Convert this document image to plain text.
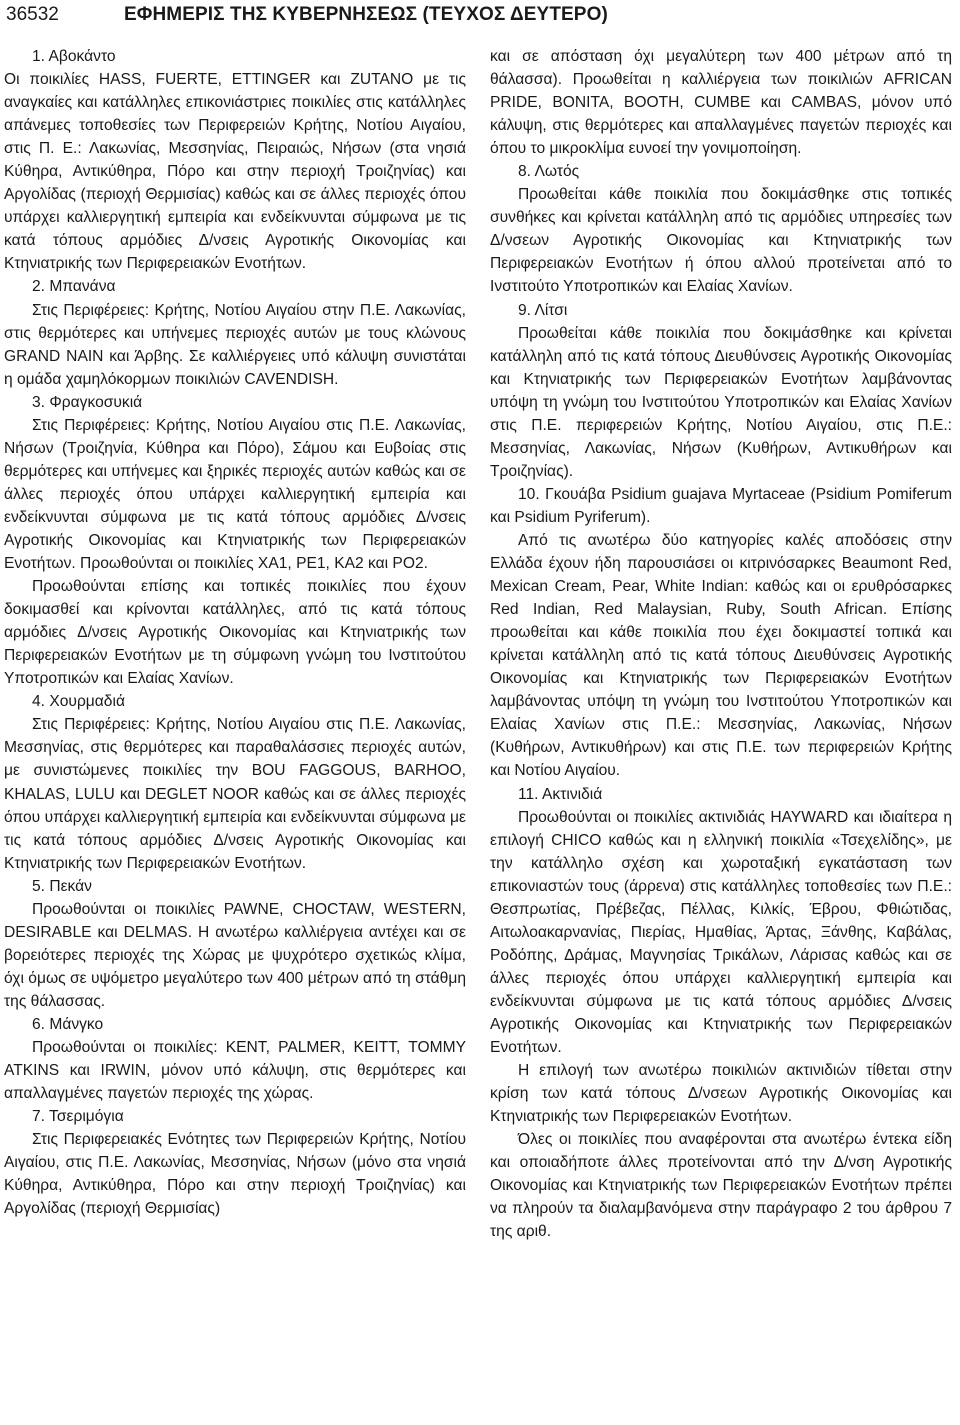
36532	ΕΦΗΜΕΡΙΣ ΤΗΣ ΚΥΒΕΡΝΗΣΕΩΣ (ΤΕΥΧΟΣ ΔΕΥΤΕΡΟ)

1. Αβοκάντο

Οι ποικιλίες HASS, FUERTE, ETTINGER και ZUTANO με τις αναγκαίες και κατάλληλες επικονιάστριες ποικιλίες στις κατάλληλες απάνεμες τοποθεσίες των Περιφερειών Κρήτης, Νοτίου Αιγαίου, στις Π. Ε.: Λακωνίας, Μεσσηνίας, Πειραιώς, Νήσων (στα νησιά Κύθηρα, Αντικύθηρα, Πόρο και στην περιοχή Τροιζηνίας) και Αργολίδας (περιοχή Θερμισίας) καθώς και σε άλλες περιοχές όπου υπάρχει καλλιεργητική εμπειρία και ενδείκνυνται σύμφωνα με τις κατά τόπους αρμόδιες Δ/νσεις Αγροτικής Οικονομίας και Κτηνιατρικής των Περιφερειακών Ενοτήτων.

2. Μπανάνα

Στις Περιφέρειες: Κρήτης, Νοτίου Αιγαίου στην Π.Ε. Λακωνίας, στις θερμότερες και υπήνεμες περιοχές αυτών με τους κλώνους GRAND NAIN και Άρβης. Σε καλλιέργειες υπό κάλυψη συνιστάται η ομάδα χαμηλόκορμων ποικιλιών CAVENDISH.

3. Φραγκοσυκιά

Στις Περιφέρειες: Κρήτης, Νοτίου Αιγαίου στις Π.Ε. Λακωνίας, Νήσων (Τροιζηνία, Κύθηρα και Πόρο), Σάμου και Ευβοίας στις θερμότερες και υπήνεμες και ξηρικές περιοχές αυτών καθώς και σε άλλες περιοχές όπου υπάρχει καλλιεργητική εμπειρία και ενδείκνυνται σύμφωνα με τις κατά τόπους αρμόδιες Δ/νσεις Αγροτικής Οικονομίας και Κτηνιατρικής των Περιφερειακών Ενοτήτων. Προωθούνται οι ποικιλίες ΧΑ1, ΡΕ1, ΚΑ2 και ΡΟ2.

Προωθούνται επίσης και τοπικές ποικιλίες που έχουν δοκιμασθεί και κρίνονται κατάλληλες, από τις κατά τόπους αρμόδιες Δ/νσεις Αγροτικής Οικονομίας και Κτηνιατρικής των Περιφερειακών Ενοτήτων με τη σύμφωνη γνώμη του Ινστιτούτου Υποτροπικών και Ελαίας Χανίων.

4. Χουρμαδιά

Στις Περιφέρειες: Κρήτης, Νοτίου Αιγαίου στις Π.Ε. Λακωνίας, Μεσσηνίας, στις θερμότερες και παραθαλάσσιες περιοχές αυτών, με συνιστώμενες ποικιλίες την BOU FAGGOUS, BARHOO, KHALAS, LULU και DEGLET NOOR καθώς και σε άλλες περιοχές όπου υπάρχει καλλιεργητική εμπειρία και ενδείκνυνται σύμφωνα με τις κατά τόπους αρμόδιες Δ/νσεις Αγροτικής Οικονομίας και Κτηνιατρικής των Περιφερειακών Ενοτήτων.

5. Πεκάν

Προωθούνται οι ποικιλίες PAWNE, CHOCTAW, WESTERN, DESIRABLE και DELMAS. Η ανωτέρω καλλιέργεια αντέχει και σε βορειότερες περιοχές της Χώρας με ψυχρότερο σχετικώς κλίμα, όχι όμως σε υψόμετρο μεγαλύτερο των 400 μέτρων από τη στάθμη της θάλασσας.

6. Μάνγκο

Προωθούνται οι ποικιλίες: KENT, PALMER, KEITT, TOMMY ATKINS και IRWIN, μόνον υπό κάλυψη, στις θερμότερες και απαλλαγμένες παγετών περιοχές της χώρας.

7. Τσεριμόγια

Στις Περιφερειακές Ενότητες των Περιφερειών Κρήτης, Νοτίου Αιγαίου, στις Π.Ε. Λακωνίας, Μεσσηνίας, Νήσων (μόνο στα νησιά Κύθηρα, Αντικύθηρα, Πόρο και στην περιοχή Τροιζηνίας) και Αργολίδας (περιοχή Θερμισίας)

και σε απόσταση όχι μεγαλύτερη των 400 μέτρων από τη θάλασσα). Προωθείται η καλλιέργεια των ποικιλιών AFRICAN PRIDE, BONITA, BOOTH, CUMBE και CAMBAS, μόνον υπό κάλυψη, στις θερμότερες και απαλλαγμένες παγετών περιοχές και όπου το μικροκλίμα ευνοεί την γονιμοποίηση.

8. Λωτός

Προωθείται κάθε ποικιλία που δοκιμάσθηκε στις τοπικές συνθήκες και κρίνεται κατάλληλη από τις αρμόδιες υπηρεσίες των Δ/νσεων Αγροτικής Οικονομίας και Κτηνιατρικής των Περιφερειακών Ενοτήτων ή όπου αλλού προτείνεται από το Ινστιτούτο Υποτροπικών και Ελαίας Χανίων.

9. Λίτσι

Προωθείται κάθε ποικιλία που δοκιμάσθηκε και κρίνεται κατάλληλη από τις κατά τόπους Διευθύνσεις Αγροτικής Οικονομίας και Κτηνιατρικής των Περιφερειακών Ενοτήτων λαμβάνοντας υπόψη τη γνώμη του Ινστιτούτου Υποτροπικών και Ελαίας Χανίων στις Π.Ε. περιφερειών Κρήτης, Νοτίου Αιγαίου, στις Π.Ε.: Μεσσηνίας, Λακωνίας, Νήσων (Κυθήρων, Αντικυθήρων και Τροιζηνίας).

10. Γκουάβα Psidium guajava Myrtaceae (Psidium Pomiferum και Psidium Pyriferum).

Από τις ανωτέρω δύο κατηγορίες καλές αποδόσεις στην Ελλάδα έχουν ήδη παρουσιάσει οι κιτρινόσαρκες Beaumont Red, Mexican Cream, Pear, White Indian: καθώς και οι ερυθρόσαρκες Red Indian, Red Malaysian, Ruby, South African. Επίσης προωθείται και κάθε ποικιλία που έχει δοκιμαστεί τοπικά και κρίνεται κατάλληλη από τις κατά τόπους Διευθύνσεις Αγροτικής Οικονομίας και Κτηνιατρικής των Περιφερειακών Ενοτήτων λαμβάνοντας υπόψη τη γνώμη του Ινστιτούτου Υποτροπικών και Ελαίας Χανίων στις Π.Ε.: Μεσσηνίας, Λακωνίας, Νήσων (Κυθήρων, Αντικυθήρων) και στις Π.Ε. των περιφερειών Κρήτης και Νοτίου Αιγαίου.

11. Ακτινιδιά

Προωθούνται οι ποικιλίες ακτινιδιάς HAYWARD και ιδιαίτερα η επιλογή CHICO καθώς και η ελληνική ποικιλία «Τσεχελίδης», με την κατάλληλο σχέση και χωροταξική εγκατάσταση των επικονιαστών τους (άρρενα) στις κατάλληλες τοποθεσίες των Π.Ε.: Θεσπρωτίας, Πρέβεζας, Πέλλας, Κιλκίς, Έβρου, Φθιώτιδας, Αιτωλοακαρνανίας, Πιερίας, Ημαθίας, Άρτας, Ξάνθης, Καβάλας, Ροδόπης, Δράμας, Μαγνησίας Τρικάλων, Λάρισας καθώς και σε άλλες περιοχές όπου υπάρχει καλλιεργητική εμπειρία και ενδείκνυνται σύμφωνα με τις κατά τόπους αρμόδιες Δ/νσεις Αγροτικής Οικονομίας και Κτηνιατρικής των Περιφερειακών Ενοτήτων.

Η επιλογή των ανωτέρω ποικιλιών ακτινιδιών τίθεται στην κρίση των κατά τόπους Δ/νσεων Αγροτικής Οικονομίας και Κτηνιατρικής των Περιφερειακών Ενοτήτων.

Όλες οι ποικιλίες που αναφέρονται στα ανωτέρω έντεκα είδη και οποιαδήποτε άλλες προτείνονται από την Δ/νση Αγροτικής Οικονομίας και Κτηνιατρικής των Περιφερειακών Ενοτήτων πρέπει να πληρούν τα διαλαμβανόμενα στην παράγραφο 2 του άρθρου 7 της αριθ.
